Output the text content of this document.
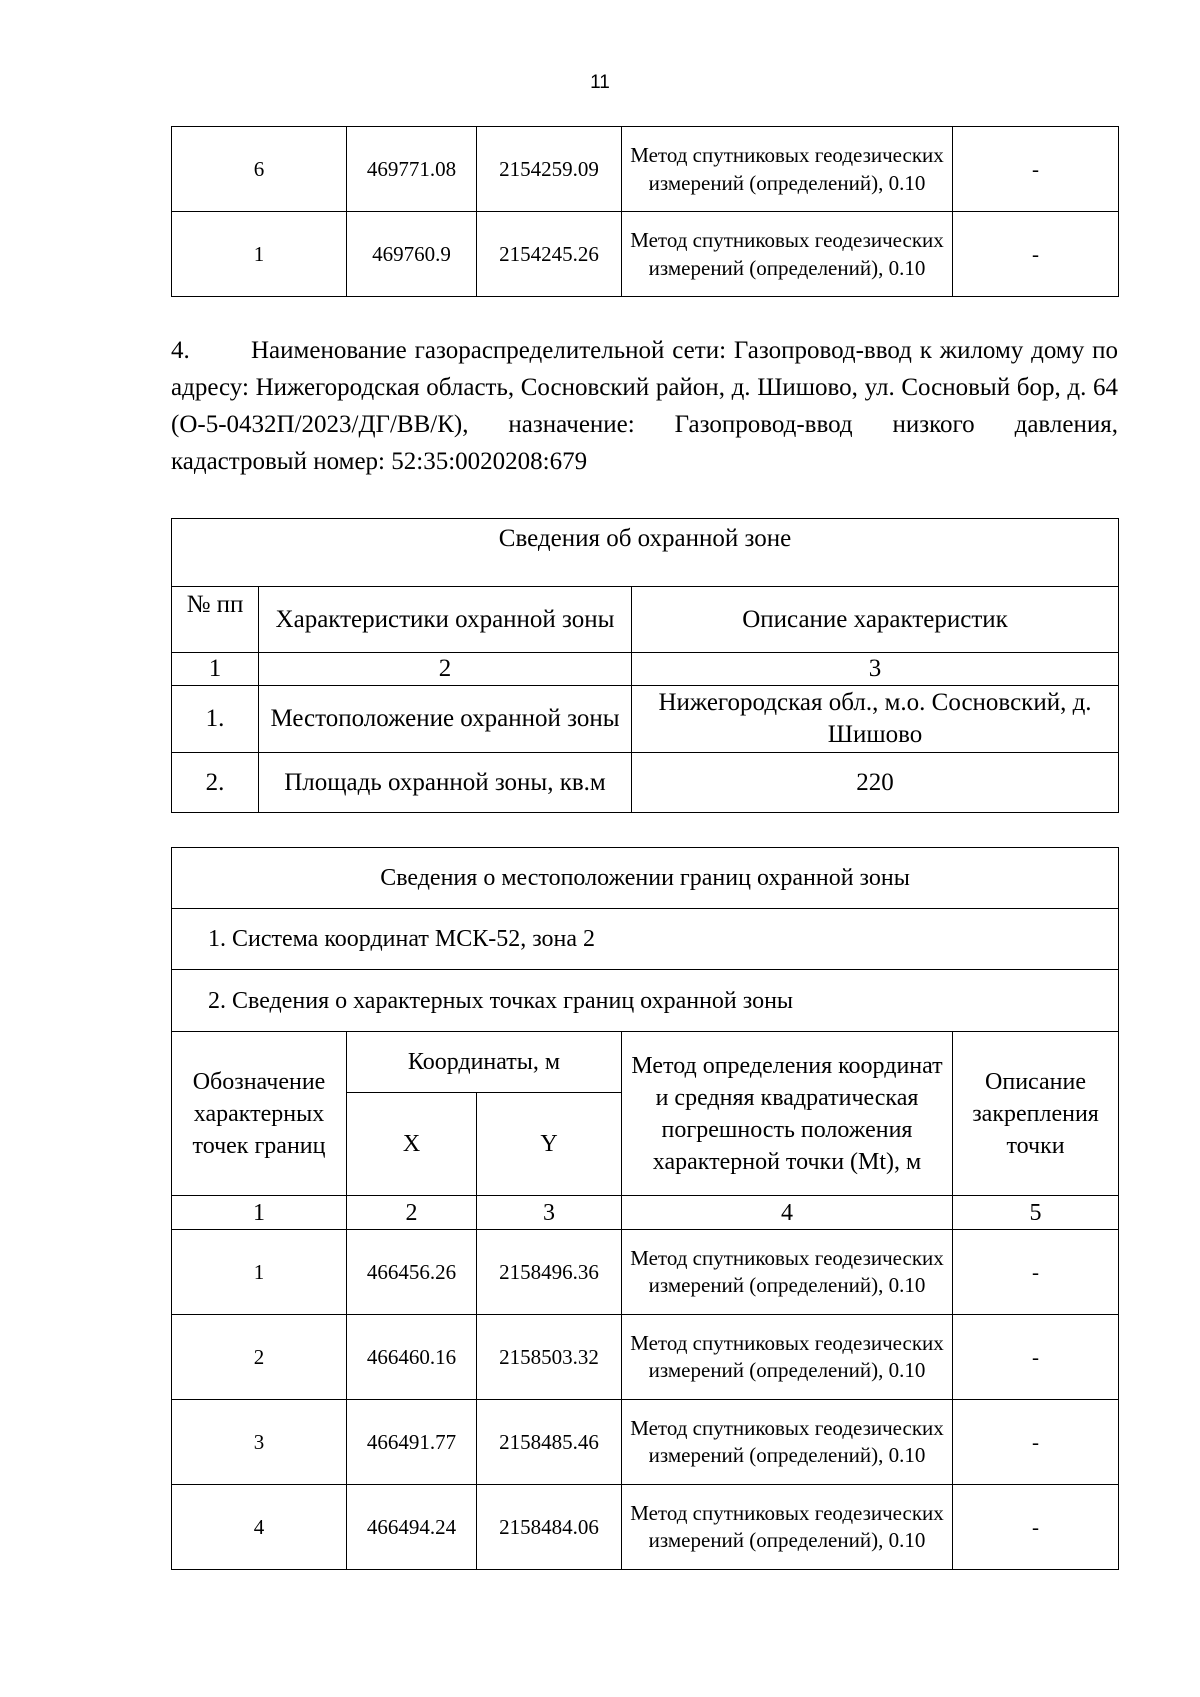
11
6	469771.08	2154259.09	Метод спутниковых геодезических измерений (определений), 0.10	-
1	469760.9	2154245.26	Метод спутниковых геодезических измерений (определений), 0.10	-
4. Наименование газораспределительной сети: Газопровод-ввод к жилому дому по адресу: Нижегородская область, Сосновский район, д. Шишово, ул. Сосновый бор, д. 64 (О-5-0432П/2023/ДГ/ВВ/К), назначение: Газопровод-ввод низкого давления, кадастровый номер: 52:35:0020208:679
Сведения об охранной зоне		
№ пп	Характеристики охранной зоны	Описание характеристик
1	2	3
1.	Местоположение охранной зоны	Нижегородская обл., м.о. Сосновский, д. Шишово
2.	Площадь охранной зоны, кв.м	220
Сведения о местоположении границ охранной зоны				
1. Система координат МСК-52, зона 2				
2. Сведения о характерных точках границ охранной зоны				
Обозначение характерных точек границ	Координаты, м		Метод определения координат и средняя квадратическая погрешность положения характерной точки (Mt), м	Описание закрепления точки
	X	Y		
1	2	3	4	5
1	466456.26	2158496.36	Метод спутниковых геодезических измерений (определений), 0.10	-
2	466460.16	2158503.32	Метод спутниковых геодезических измерений (определений), 0.10	-
3	466491.77	2158485.46	Метод спутниковых геодезических измерений (определений), 0.10	-
4	466494.24	2158484.06	Метод спутниковых геодезических измерений (определений), 0.10	-
